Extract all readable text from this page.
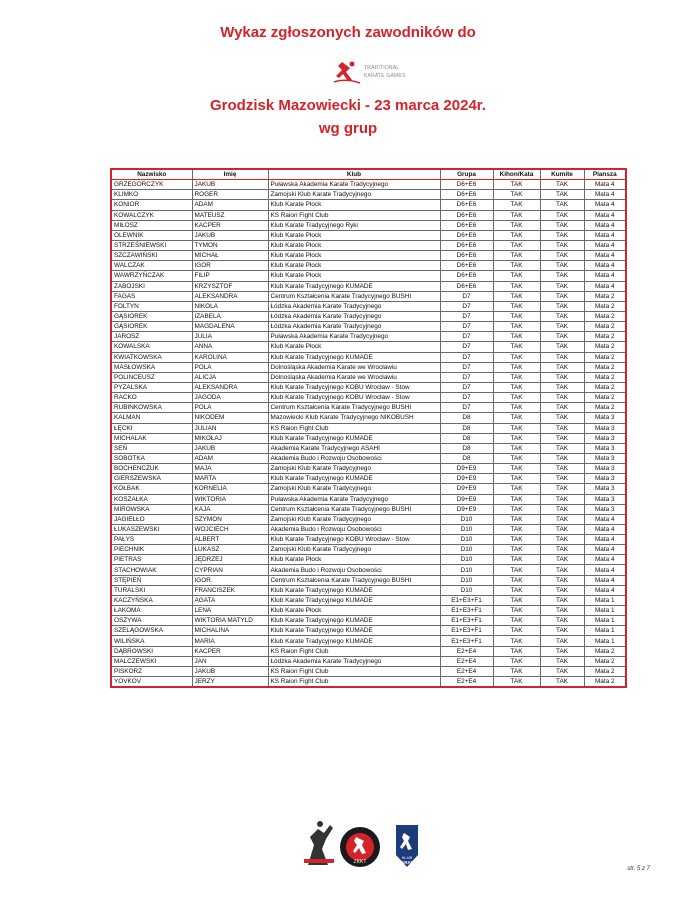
Wykaz zgłoszonych zawodników do
TRADITIONAL
KARATE GAMES
Grodzisk Mazowiecki - 23 marca 2024r.
wg grup
Nazwisko	Imię	Klub	Grupa	Kihon/Kata	Kumite	Plansza
GRZEGORCZYK	JAKUB	Puławska Akademia Karate Tradycyjnego	D6+E6	TAK	TAK	Mata 4
KLIMKO	ROGER	Zamojski Klub Karate Tradycyjnego	D6+E6	TAK	TAK	Mata 4
KONIOR	ADAM	Klub Karate Płock	D6+E6	TAK	TAK	Mata 4
KOWALCZYK	MATEUSZ	KS Raion Fight Club	D6+E6	TAK	TAK	Mata 4
MIŁOSZ	KACPER	Klub Karate Tradycyjnego Ryki	D6+E6	TAK	TAK	Mata 4
OLEWNIK	JAKUB	Klub Karate Płock	D6+E6	TAK	TAK	Mata 4
STRZEŚNIEWSKI	TYMON	Klub Karate Płock	D6+E6	TAK	TAK	Mata 4
SZCZAWIŃSKI	MICHAŁ	Klub Karate Płock	D6+E6	TAK	TAK	Mata 4
WALCZAK	IGOR	Klub Karate Płock	D6+E6	TAK	TAK	Mata 4
WAWRZYŃCZAK	FILIP	Klub Karate Płock	D6+E6	TAK	TAK	Mata 4
ZABOJSKI	KRZYSZTOF	Klub Karate Tradycyjnego KUMADE	D6+E6	TAK	TAK	Mata 4
FAGAS	ALEKSANDRA	Centrum Kształcenia Karate Tradycyjnego BUSHI	D7	TAK	TAK	Mata 2
FOLTYN	NIKOLA	Łódzka Akademia Karate Tradycyjnego	D7	TAK	TAK	Mata 2
GĄSIOREK	IZABELA	Łódzka Akademia Karate Tradycyjnego	D7	TAK	TAK	Mata 2
GĄSIOREK	MAGDALENA	Łódzka Akademia Karate Tradycyjnego	D7	TAK	TAK	Mata 2
JAROSZ	JULIA	Puławska Akademia Karate Tradycyjnego	D7	TAK	TAK	Mata 2
KOWALSKA	ANNA	Klub Karate Płock	D7	TAK	TAK	Mata 2
KWIATKOWSKA	KAROLINA	Klub Karate Tradycyjnego KUMADE	D7	TAK	TAK	Mata 2
MASŁOWSKA	POLA	Dolnośląska Akademia Karate we Wrocławiu	D7	TAK	TAK	Mata 2
POLINCEUSZ	ALICJA	Dolnośląska Akademia Karate we Wrocławiu	D7	TAK	TAK	Mata 2
PYZALSKA	ALEKSANDRA	Klub Karate Tradycyjnego KOBU Wrocław - Stow	D7	TAK	TAK	Mata 2
RACKO	JAGODA	Klub Karate Tradycyjnego KOBU Wrocław - Stow	D7	TAK	TAK	Mata 2
RUBINKOWSKA	POLA	Centrum Kształcenia Karate Tradycyjnego BUSHI	D7	TAK	TAK	Mata 2
KALMAN	NIKODEM	Mazowiecki Klub Karate Tradycyjnego NIKOBUSH	D8	TAK	TAK	Mata 3
ŁĘCKI	JULIAN	KS Raion Fight Club	D8	TAK	TAK	Mata 3
MICHALAK	MIKOŁAJ	Klub Karate Tradycyjnego KUMADE	D8	TAK	TAK	Mata 3
SEŃ	JAKUB	Akademia Karate Tradycyjnego ASAHI	D8	TAK	TAK	Mata 3
SOBOTKA	ADAM	Akademia Budo i Rozwoju Osobowości	D8	TAK	TAK	Mata 3
BOCHENCZUK	MAJA	Zamojski Klub Karate Tradycyjnego	D9+E9	TAK	TAK	Mata 3
GIERSZEWSKA	MARTA	Klub Karate Tradycyjnego KUMADE	D9+E9	TAK	TAK	Mata 3
KOŁBAK	KORNELIA	Zamojski Klub Karate Tradycyjnego	D9+E9	TAK	TAK	Mata 3
KOSZAŁKA	WIKTORIA	Puławska Akademia Karate Tradycyjnego	D9+E9	TAK	TAK	Mata 3
MIROWSKA	KAJA	Centrum Kształcenia Karate Tradycyjnego BUSHI	D9+E9	TAK	TAK	Mata 3
JAGIEŁŁO	SZYMON	Zamojski Klub Karate Tradycyjnego	D10	TAK	TAK	Mata 4
ŁUKASZEWSKI	WOJCIECH	Akademia Budo i Rozwoju Osobowości	D10	TAK	TAK	Mata 4
PAŁYS	ALBERT	Klub Karate Tradycyjnego KOBU Wrocław - Stow	D10	TAK	TAK	Mata 4
PIECHNIK	ŁUKASZ	Zamojski Klub Karate Tradycyjnego	D10	TAK	TAK	Mata 4
PIETRAS	JĘDRZEJ	Klub Karate Płock	D10	TAK	TAK	Mata 4
STACHOWIAK	CYPRIAN	Akademia Budo i Rozwoju Osobowości	D10	TAK	TAK	Mata 4
STĘPIEŃ	IGOR	Centrum Kształcenia Karate Tradycyjnego BUSHI	D10	TAK	TAK	Mata 4
TURALSKI	FRANCISZEK	Klub Karate Tradycyjnego KUMADE	D10	TAK	TAK	Mata 4
KACZYŃSKA	AGATA	Klub Karate Tradycyjnego KUMADE	E1+E3+F1	TAK	TAK	Mata 1
ŁAKOMA	LENA	Klub Karate Płock	E1+E3+F1	TAK	TAK	Mata 1
OSZYWA	WIKTORIA MATYLD	Klub Karate Tradycyjnego KUMADE	E1+E3+F1	TAK	TAK	Mata 1
SZELĄGOWSKA	MICHALINA	Klub Karate Tradycyjnego KUMADE	E1+E3+F1	TAK	TAK	Mata 1
WILIŃSKA	MARIA	Klub Karate Tradycyjnego KUMADE	E1+E3+F1	TAK	TAK	Mata 1
DĄBROWSKI	KACPER	KS Raion Fight Club	E2+E4	TAK	TAK	Mata 2
MALCZEWSKI	JAN	Łódzka Akademia Karate Tradycyjnego	E2+E4	TAK	TAK	Mata 2
PISKORZ	JAKUB	KS Raion Fight Club	E2+E4	TAK	TAK	Mata 2
YOVKOV	JERZY	KS Raion Fight Club	E2+E4	TAK	TAK	Mata 2
ZKKT
KLUB
KARATE
str. 5 z 7
